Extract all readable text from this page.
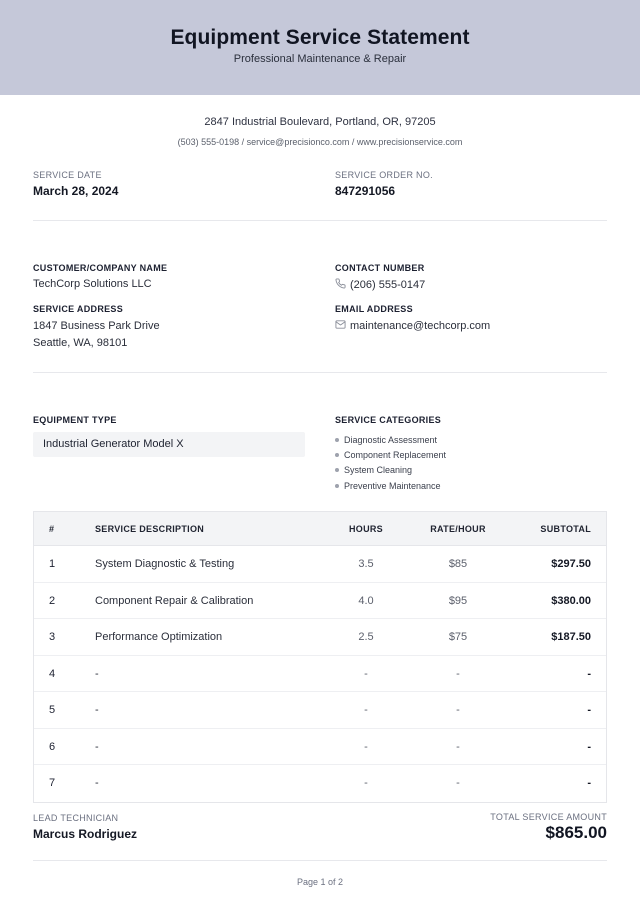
Equipment Service Statement
Professional Maintenance & Repair
2847 Industrial Boulevard, Portland, OR, 97205
(503) 555-0198 / service@precisionco.com / www.precisionservice.com
SERVICE DATE
March 28, 2024
SERVICE ORDER NO.
847291056
CUSTOMER/COMPANY NAME
TechCorp Solutions LLC
SERVICE ADDRESS
1847 Business Park Drive
Seattle, WA, 98101
CONTACT NUMBER
(206) 555-0147
EMAIL ADDRESS
maintenance@techcorp.com
EQUIPMENT TYPE
Industrial Generator Model X
SERVICE CATEGORIES
Diagnostic Assessment
Component Replacement
System Cleaning
Preventive Maintenance
#	SERVICE DESCRIPTION	HOURS	RATE/HOUR	SUBTOTAL
1	System Diagnostic & Testing	3.5	$85	$297.50
2	Component Repair & Calibration	4.0	$95	$380.00
3	Performance Optimization	2.5	$75	$187.50
4	-	-	-	-
5	-	-	-	-
6	-	-	-	-
7	-	-	-	-
LEAD TECHNICIAN
Marcus Rodriguez
TOTAL SERVICE AMOUNT
$865.00
Page 1 of 2
